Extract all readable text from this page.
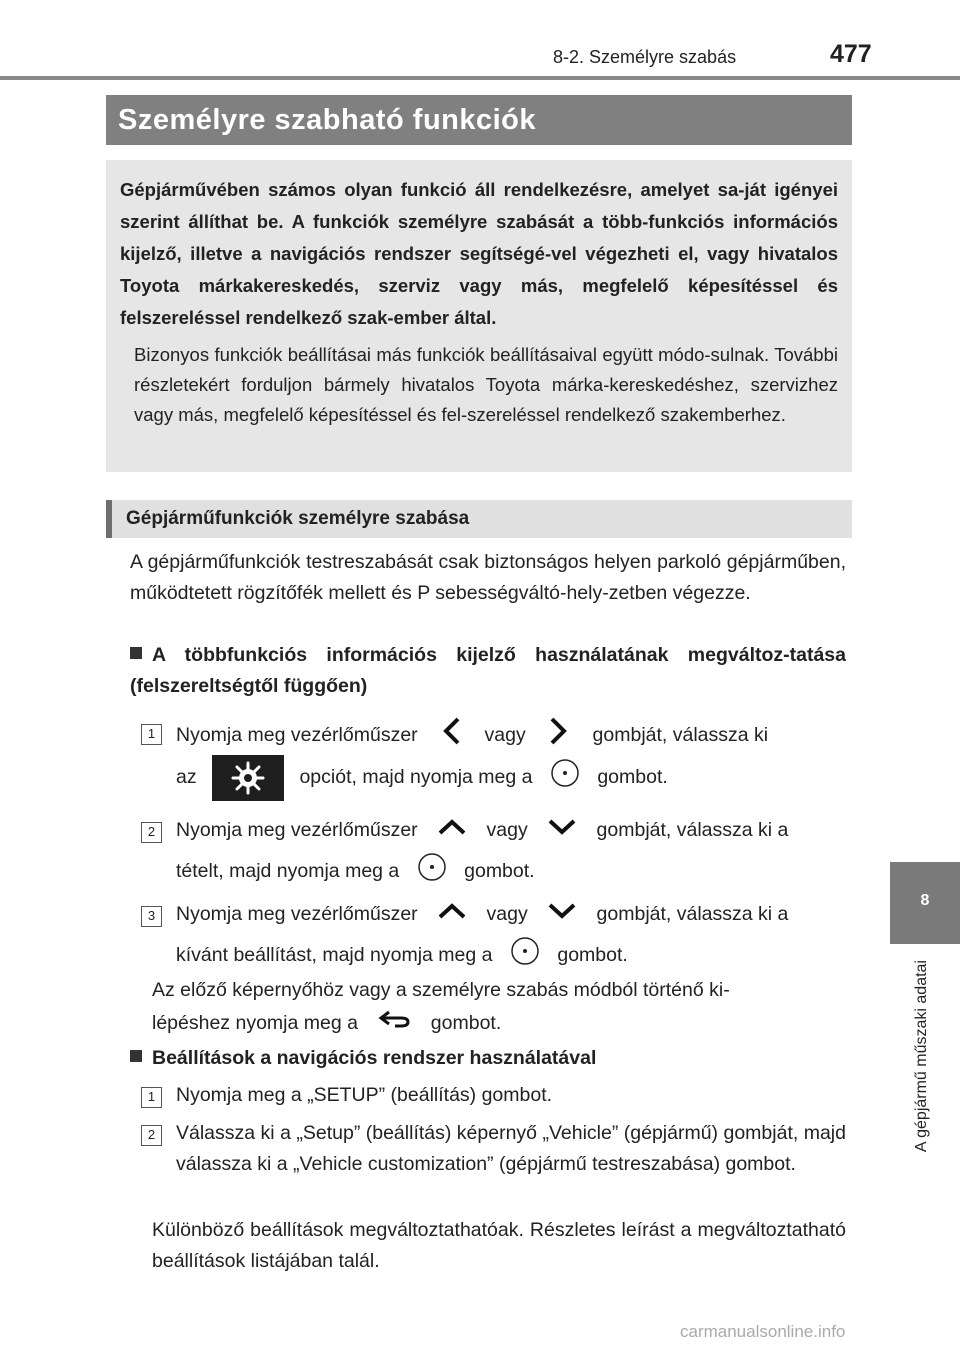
8-2. Személyre szabás	477
Személyre szabható funkciók
Gépjárművében számos olyan funkció áll rendelkezésre, amelyet sa-ját igényei szerint állíthat be. A funkciók személyre szabását a több-funkciós információs kijelző, illetve a navigációs rendszer segítségé-vel végezheti el, vagy hivatalos Toyota márkakereskedés, szerviz vagy más, megfelelő képesítéssel és felszereléssel rendelkező szak-ember által.
Bizonyos funkciók beállításai más funkciók beállításaival együtt módo-sulnak. További részletekért forduljon bármely hivatalos Toyota márka-kereskedéshez, szervizhez vagy más, megfelelő képesítéssel és fel-szereléssel rendelkező szakemberhez.
Gépjárműfunkciók személyre szabása
A gépjárműfunkciók testreszabását csak biztonságos helyen parkoló gépjárműben, működtetett rögzítőfék mellett és P sebességváltó-hely-zetben végezze.
A többfunkciós információs kijelző használatának megváltoz-tatása (felszereltségtől függően)
1	Nyomja meg vezérlőműszer	vagy	gombját, válassza ki
az	opciót, majd nyomja meg a	gombot.
2	Nyomja meg vezérlőműszer	vagy	gombját, válassza ki a
tételt, majd nyomja meg a	gombot.
3	Nyomja meg vezérlőműszer	vagy	gombját, válassza ki a
kívánt beállítást, majd nyomja meg a	gombot.
Az előző képernyőhöz vagy a személyre szabás módból történő ki-
lépéshez nyomja meg a	gombot.
Beállítások a navigációs rendszer használatával
1	Nyomja meg a „SETUP” (beállítás) gombot.
2	Válassza ki a „Setup” (beállítás) képernyő „Vehicle” (gépjármű) gombját, majd válassza ki a „Vehicle customization” (gépjármű testreszabása) gombot.
Különböző beállítások megváltoztathatóak. Részletes leírást a megváltoztatható beállítások listájában talál.
8
A gépjármű műszaki adatai
carmanualsonline.info
